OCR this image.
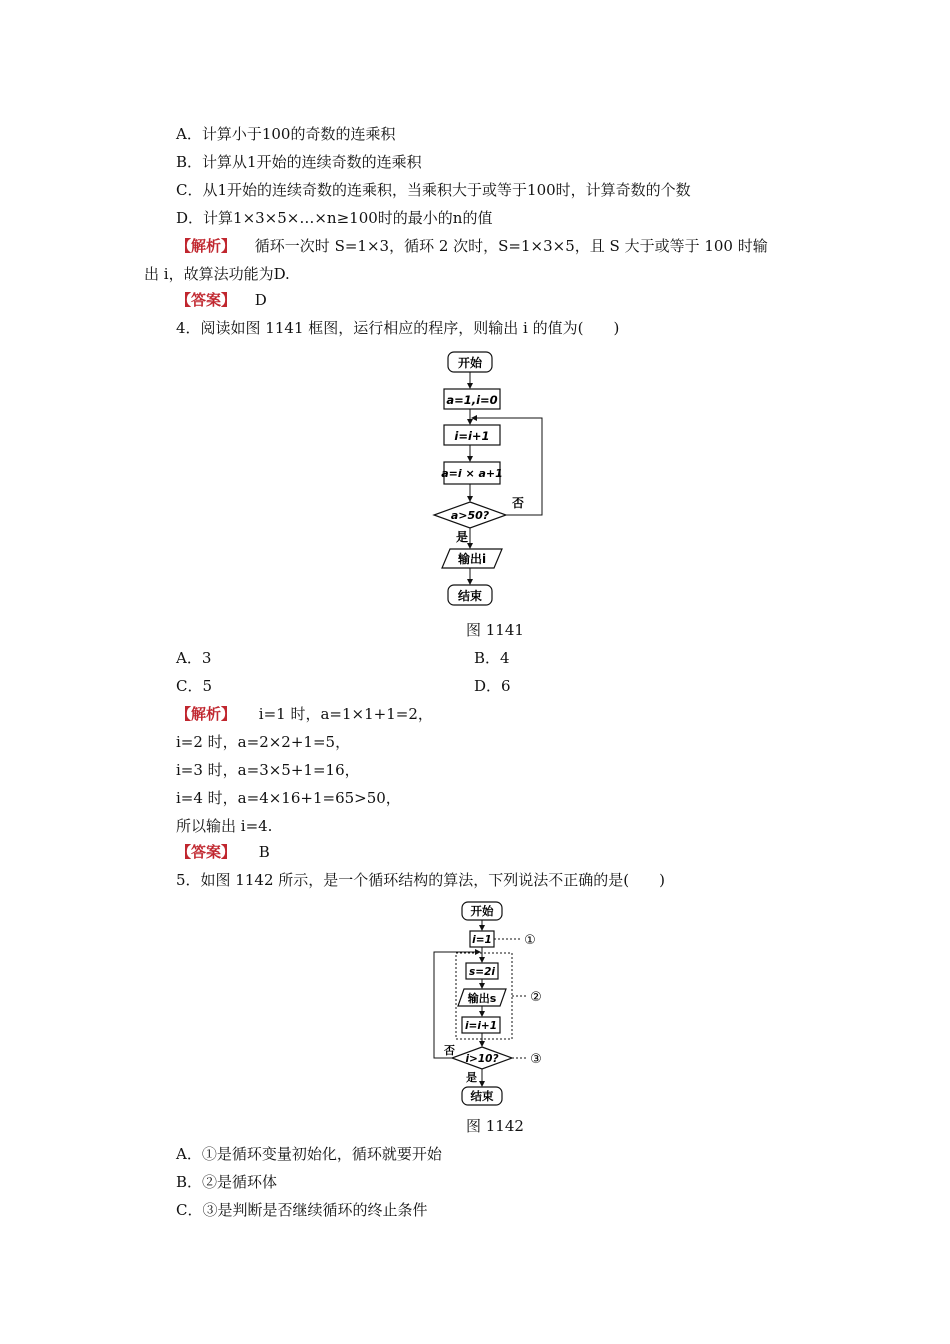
A．计算小于100的奇数的连乘积
B．计算从1开始的连续奇数的连乘积
C．从1开始的连续奇数的连乘积，当乘积大于或等于100时，计算奇数的个数
D．计算1×3×5×…×n≥100时的最小的n的值
【解析】 循环一次时 S=1×3，循环 2 次时，S=1×3×5，且 S 大于或等于 100 时输
出 i，故算法功能为D.
【答案】 D
4．阅读如图 1141 框图，运行相应的程序，则输出 i 的值为(　　)
开始
a=1,i=0
i=i+1
a=i × a+1
a>50?
否
是
输出i
结束
图 1141
A．3	B．4
C．5	D．6
【解析】 i=1 时，a=1×1+1=2，
i=2 时，a=2×2+1=5，
i=3 时，a=3×5+1=16，
i=4 时，a=4×16+1=65>50，
所以输出 i=4.
【答案】 B
5．如图 1142 所示，是一个循环结构的算法，下列说法不正确的是(　　)
开始
i=1 ①
②
s=2i
输出s
i=i+1
i>10? ③
否
是
结束
图 1142
A．①是循环变量初始化，循环就要开始
B．②是循环体
C．③是判断是否继续循环的终止条件
